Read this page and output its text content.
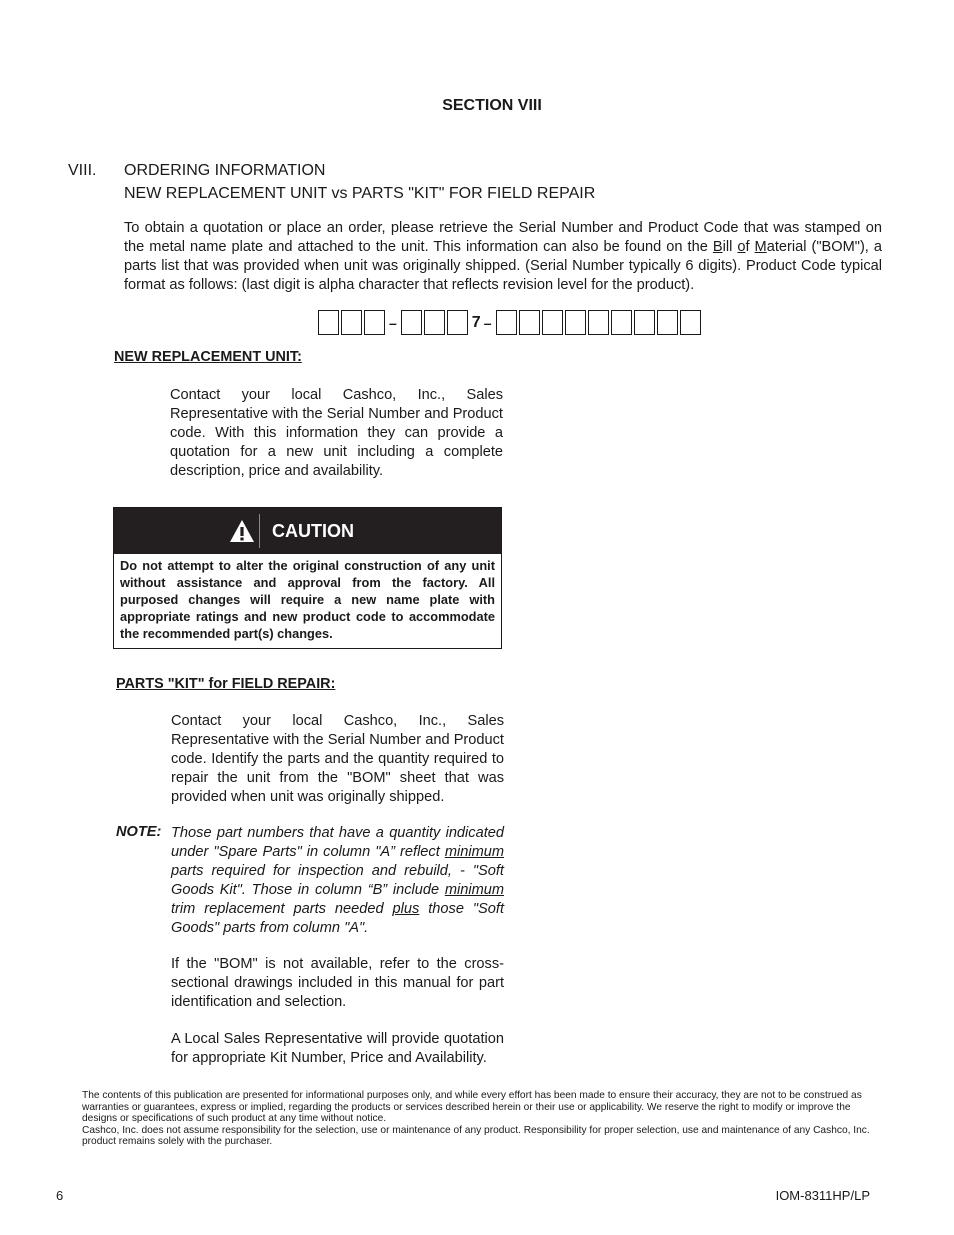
SECTION VIII
VIII. ORDERING INFORMATION
NEW REPLACEMENT UNIT vs PARTS "KIT" FOR FIELD REPAIR

To obtain a quotation or place an order, please retrieve the Serial Number and Product Code that was stamped on the metal name plate and attached to the unit. This information can also be found on the Bill of Material ("BOM"), a parts list that was provided when unit was originally shipped. (Serial Number typically 6 digits). Product Code typical format as follows: (last digit is alpha character that reflects revision level for the product).

–	7 –
NEW REPLACEMENT UNIT:

Contact your local Cashco, Inc., Sales Representative with the Serial Number and Product code. With this information they can provide a quotation for a new unit including a complete description, price and availability.

CAUTION
Do not attempt to alter the original construction of any unit without assistance and approval from the factory. All purposed changes will require a new name plate with appropriate ratings and new product code to accommodate the recommended part(s) changes.
PARTS "KIT" for FIELD REPAIR:

Contact your local Cashco, Inc., Sales Representative with the Serial Number and Product code. Identify the parts and the quantity required to repair the unit from the "BOM" sheet that was provided when unit was originally shipped.

NOTE: Those part numbers that have a quantity indicated under "Spare Parts" in column "A” reflect minimum parts required for inspection and rebuild, - "Soft Goods Kit". Those in column “B” include minimum trim replacement parts needed plus those "Soft Goods" parts from column "A".

If the "BOM" is not available, refer to the cross-sectional drawings included in this manual for part identification and selection.

A Local Sales Representative will provide quotation for appropriate Kit Number, Price and Availability.

The contents of this publication are presented for informational purposes only, and while every effort has been made to ensure their accuracy, they are not to be construed as warranties or guarantees, express or implied, regarding the products or services described herein or their use or applicability. We reserve the right to modify or improve the designs or specifications of such product at any time without notice.

Cashco, Inc. does not assume responsibility for the selection, use or maintenance of any product. Responsibility for proper selection, use and maintenance of any Cashco, Inc. product remains solely with the purchaser.

6	IOM-8311HP/LP
